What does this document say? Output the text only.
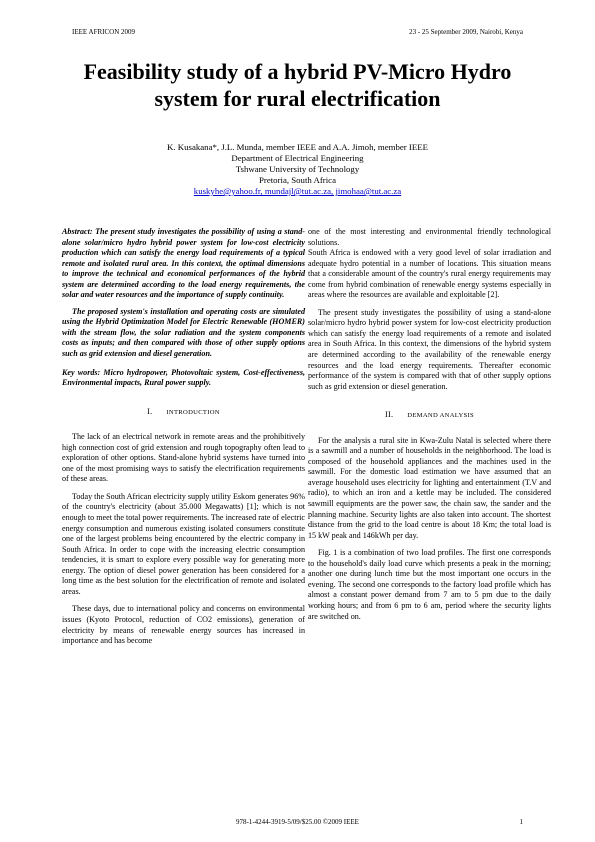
IEEE AFRICON 2009	23 - 25 September 2009, Nairobi, Kenya
Feasibility study of a hybrid PV-Micro Hydro
system for rural electrification
K. Kusakana*, J.L. Munda, member IEEE and A.A. Jimoh, member IEEE
Department of Electrical Engineering
Tshwane University of Technology
Pretoria, South Africa
kuskyhe@yahoo.fr, mundajl@tut.ac.za, jimohaa@tut.ac.za

Abstract: The present study investigates the possibility of using a stand-alone solar/micro hydro hybrid power system for low-cost electricity production which can satisfy the energy load requirements of a typical remote and isolated rural area. In this context, the optimal dimensions to improve the technical and economical performances of the hybrid system are determined according to the load energy requirements, the solar and water resources and the importance of supply continuity.

The proposed system's installation and operating costs are simulated using the Hybrid Optimization Model for Electric Renewable (HOMER) with the stream flow, the solar radiation and the system components costs as inputs; and then compared with those of other supply options such as grid extension and diesel generation.

Key words: Micro hydropower, Photovoltaic system, Cost-effectiveness, Environmental impacts, Rural power supply.

I. INTRODUCTION

The lack of an electrical network in remote areas and the prohibitively high connection cost of grid extension and rough topography often lead to exploration of other options. Stand-alone hybrid systems have turned into one of the most promising ways to satisfy the electrification requirements of these areas.

Today the South African electricity supply utility Eskom generates 96% of the country's electricity (about 35.000 Megawatts) [1]; which is not enough to meet the total power requirements. The increased rate of electric energy consumption and numerous existing isolated consumers constitute one of the largest problems being encountered by the electric company in South Africa. In order to cope with the increasing electric consumption tendencies, it is smart to explore every possible way for generating more energy. The option of diesel power generation has been considered for a long time as the best solution for the electrification of remote and isolated areas.

These days, due to international policy and concerns on environmental issues (Kyoto Protocol, reduction of CO2 emissions), generation of electricity by means of renewable energy sources has increased in importance and has become

one of the most interesting and environmental friendly technological solutions.

South Africa is endowed with a very good level of solar irradiation and adequate hydro potential in a number of locations. This situation means that a considerable amount of the country's rural energy requirements may come from hybrid combination of renewable energy systems especially in areas where the resources are available and exploitable [2].

The present study investigates the possibility of using a stand-alone solar/micro hydro hybrid power system for low-cost electricity production which can satisfy the energy load requirements of a remote and isolated area in South Africa. In this context, the dimensions of the hybrid system are determined according to the availability of the renewable energy resources and the load energy requirements. Thereafter economic performance of the system is compared with that of other supply options such as grid extension or diesel generation.

II. DEMAND ANALYSIS

For the analysis a rural site in Kwa-Zulu Natal is selected where there is a sawmill and a number of households in the neighborhood. The load is composed of the household appliances and the machines used in the sawmill. For the domestic load estimation we have assumed that an average household uses electricity for lighting and entertainment (T.V and radio), to which an iron and a kettle may be included. The considered sawmill equipments are the power saw, the chain saw, the sander and the planning machine. Security lights are also taken into account. The shortest distance from the grid to the load centre is about 18 Km; the total load is 15 kW peak and 146kWh per day.

Fig. 1 is a combination of two load profiles. The first one corresponds to the household's daily load curve which presents a peak in the morning; another one during lunch time but the most important one occurs in the evening. The second one corresponds to the factory load profile which has almost a constant power demand from 7 am to 5 pm due to the daily working hours; and from 6 pm to 6 am, period where the security lights are switched on.

978-1-4244-3919-5/09/$25.00 ©2009 IEEE	1
